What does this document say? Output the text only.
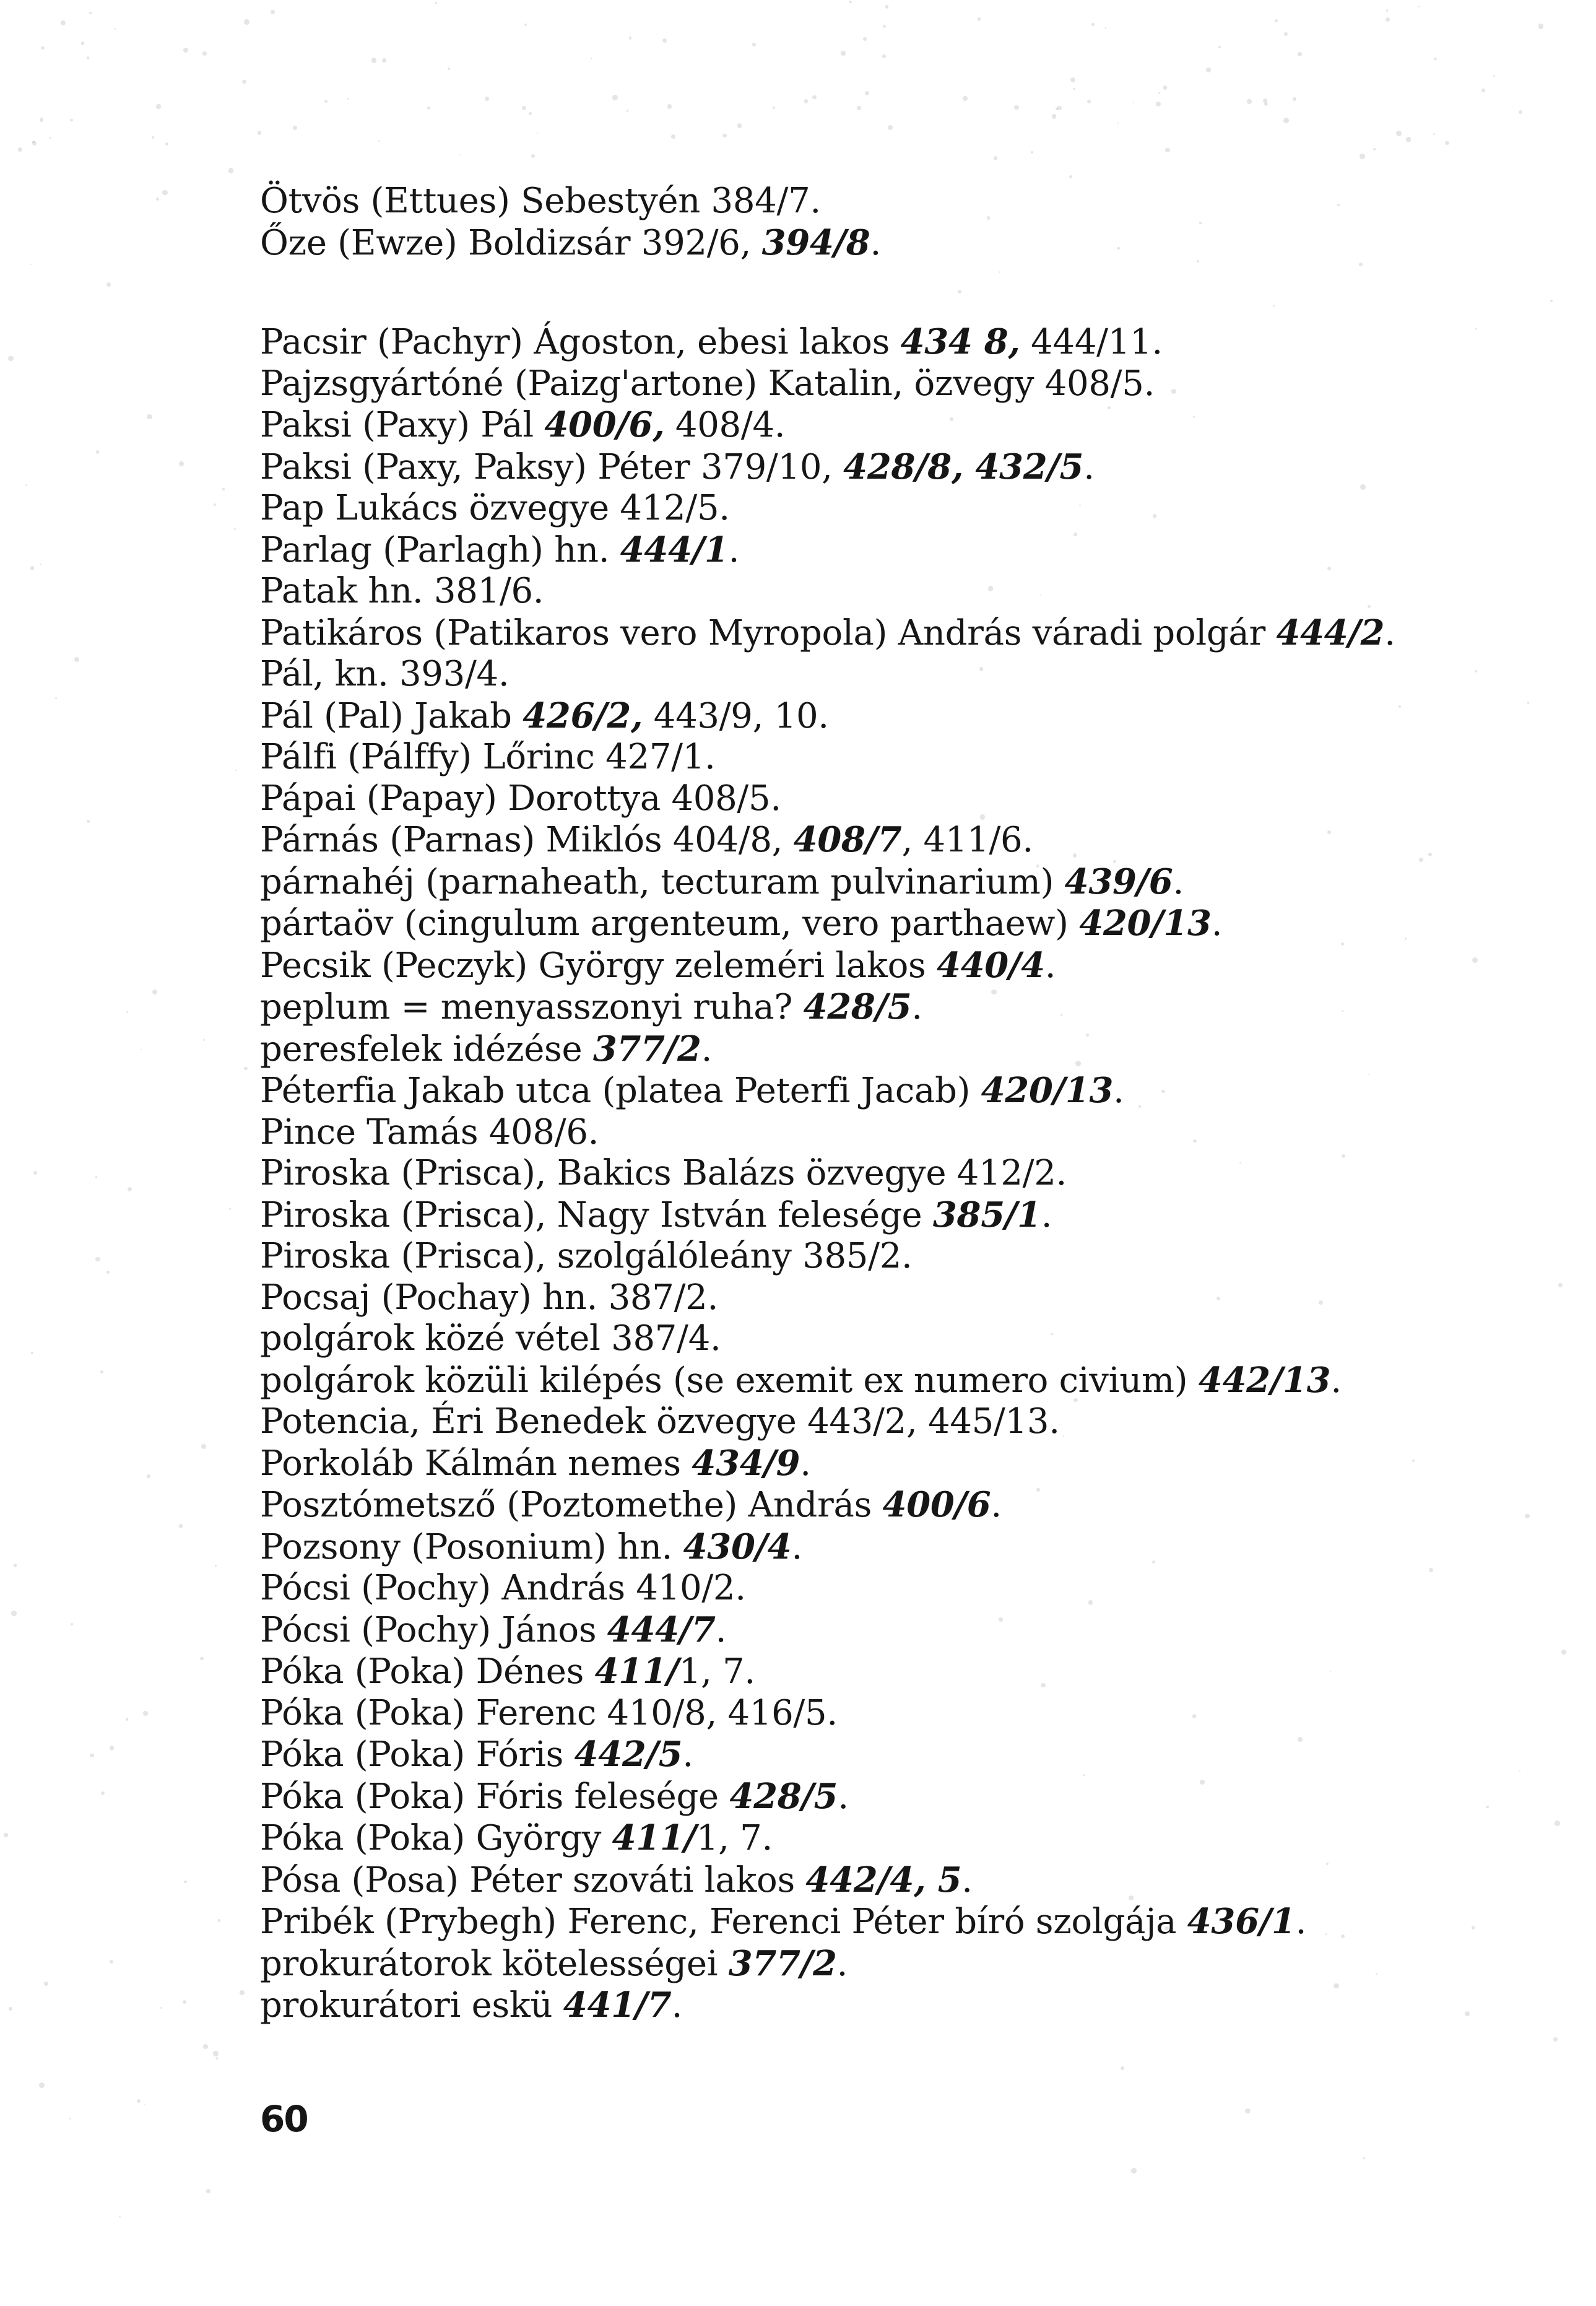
Ötvös (Ettues) Sebestyén 384/7.
Őze (Ewze) Boldizsár 392/6, 394/8.
Pacsir (Pachyr) Ágoston, ebesi lakos 434 8, 444/11.
Pajzsgyártóné (Paizg'artone) Katalin, özvegy 408/5.
Paksi (Paxy) Pál 400/6, 408/4.
Paksi (Paxy, Paksy) Péter 379/10, 428/8, 432/5.
Pap Lukács özvegye 412/5.
Parlag (Parlagh) hn. 444/1.
Patak hn. 381/6.
Patikáros (Patikaros vero Myropola) András váradi polgár 444/2.
Pál, kn. 393/4.
Pál (Pal) Jakab 426/2, 443/9, 10.
Pálfi (Pálffy) Lőrinc 427/1.
Pápai (Papay) Dorottya 408/5.
Párnás (Parnas) Miklós 404/8, 408/7, 411/6.
párnahéj (parnaheath, tecturam pulvinarium) 439/6.
pártaöv (cingulum argenteum, vero parthaew) 420/13.
Pecsik (Peczyk) György zeleméri lakos 440/4.
peplum = menyasszonyi ruha? 428/5.
peresfelek idézése 377/2.
Péterfia Jakab utca (platea Peterfi Jacab) 420/13.
Pince Tamás 408/6.
Piroska (Prisca), Bakics Balázs özvegye 412/2.
Piroska (Prisca), Nagy István felesége 385/1.
Piroska (Prisca), szolgálóleány 385/2.
Pocsaj (Pochay) hn. 387/2.
polgárok közé vétel 387/4.
polgárok közüli kilépés (se exemit ex numero civium) 442/13.
Potencia, Éri Benedek özvegye 443/2, 445/13.
Porkoláb Kálmán nemes 434/9.
Posztómetsző (Poztomethe) András 400/6.
Pozsony (Posonium) hn. 430/4.
Pócsi (Pochy) András 410/2.
Pócsi (Pochy) János 444/7.
Póka (Poka) Dénes 411/1, 7.
Póka (Poka) Ferenc 410/8, 416/5.
Póka (Poka) Fóris 442/5.
Póka (Poka) Fóris felesége 428/5.
Póka (Poka) György 411/1, 7.
Pósa (Posa) Péter szováti lakos 442/4, 5.
Pribék (Prybegh) Ferenc, Ferenci Péter bíró szolgája 436/1.
prokurátorok kötelességei 377/2.
prokurátori eskü 441/7.
60
